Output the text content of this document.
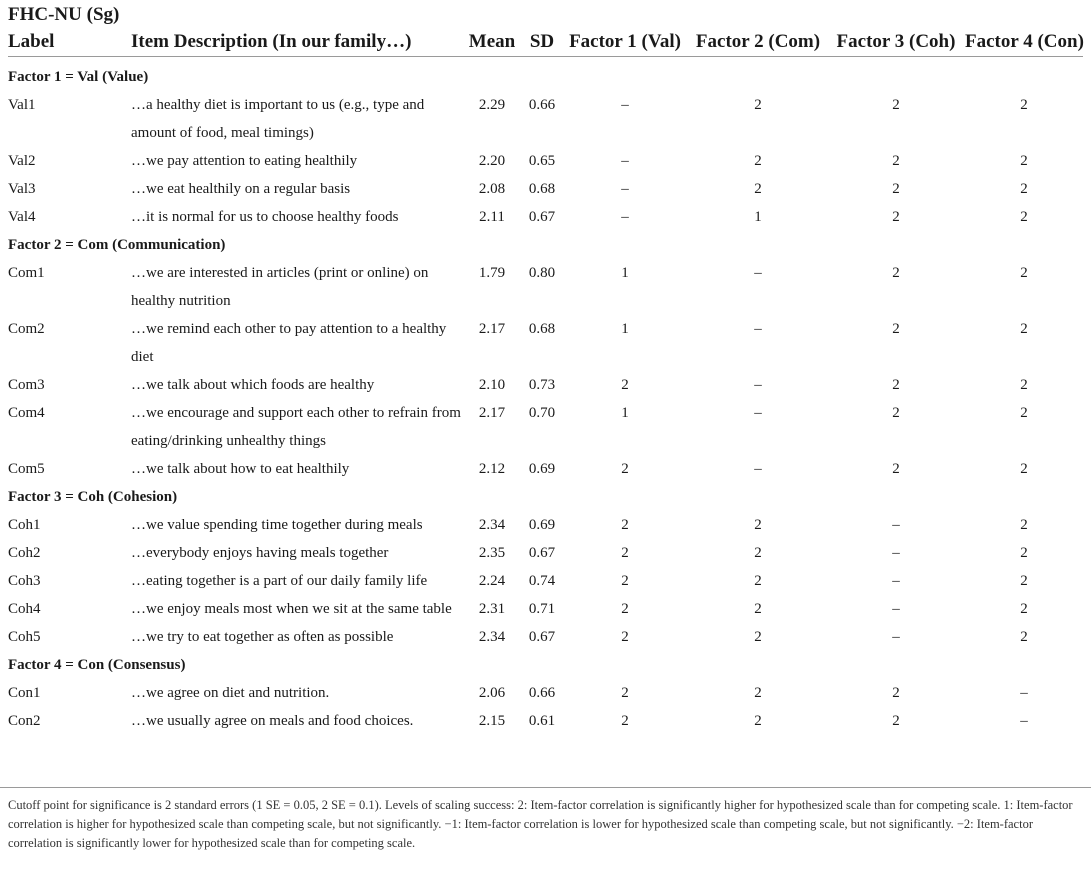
FHC-NU (Sg)
Label	Item Description (In our family…)	Mean	SD	Factor 1 (Val)	Factor 2 (Com)	Factor 3 (Coh)	Factor 4 (Con)

Factor 1 = Val (Value)							
Val1	…a healthy diet is important to us (e.g., type and amount of food, meal timings)	2.29	0.66	–	2	2	2
Val2	…we pay attention to eating healthily	2.20	0.65	–	2	2	2
Val3	…we eat healthily on a regular basis	2.08	0.68	–	2	2	2
Val4	…it is normal for us to choose healthy foods	2.11	0.67	–	1	2	2
Factor 2 = Com (Communication)							
Com1	…we are interested in articles (print or online) on healthy nutrition	1.79	0.80	1	–	2	2
Com2	…we remind each other to pay attention to a healthy diet	2.17	0.68	1	–	2	2
Com3	…we talk about which foods are healthy	2.10	0.73	2	–	2	2
Com4	…we encourage and support each other to refrain from eating/drinking unhealthy things	2.17	0.70	1	–	2	2
Com5	…we talk about how to eat healthily	2.12	0.69	2	–	2	2
Factor 3 = Coh (Cohesion)							
Coh1	…we value spending time together during meals	2.34	0.69	2	2	–	2
Coh2	…everybody enjoys having meals together	2.35	0.67	2	2	–	2
Coh3	…eating together is a part of our daily family life	2.24	0.74	2	2	–	2
Coh4	…we enjoy meals most when we sit at the same table	2.31	0.71	2	2	–	2
Coh5	…we try to eat together as often as possible	2.34	0.67	2	2	–	2
Factor 4 = Con (Consensus)							
Con1	…we agree on diet and nutrition.	2.06	0.66	2	2	2	–
Con2	…we usually agree on meals and food choices.	2.15	0.61	2	2	2	–
Cutoff point for significance is 2 standard errors (1 SE = 0.05, 2 SE = 0.1). Levels of scaling success: 2: Item-factor correlation is significantly higher for hypothesized scale than for competing scale. 1: Item-factor correlation is higher for hypothesized scale than competing scale, but not significantly. −1: Item-factor correlation is lower for hypothesized scale than competing scale, but not significantly. −2: Item-factor correlation is significantly lower for hypothesized scale than for competing scale.
